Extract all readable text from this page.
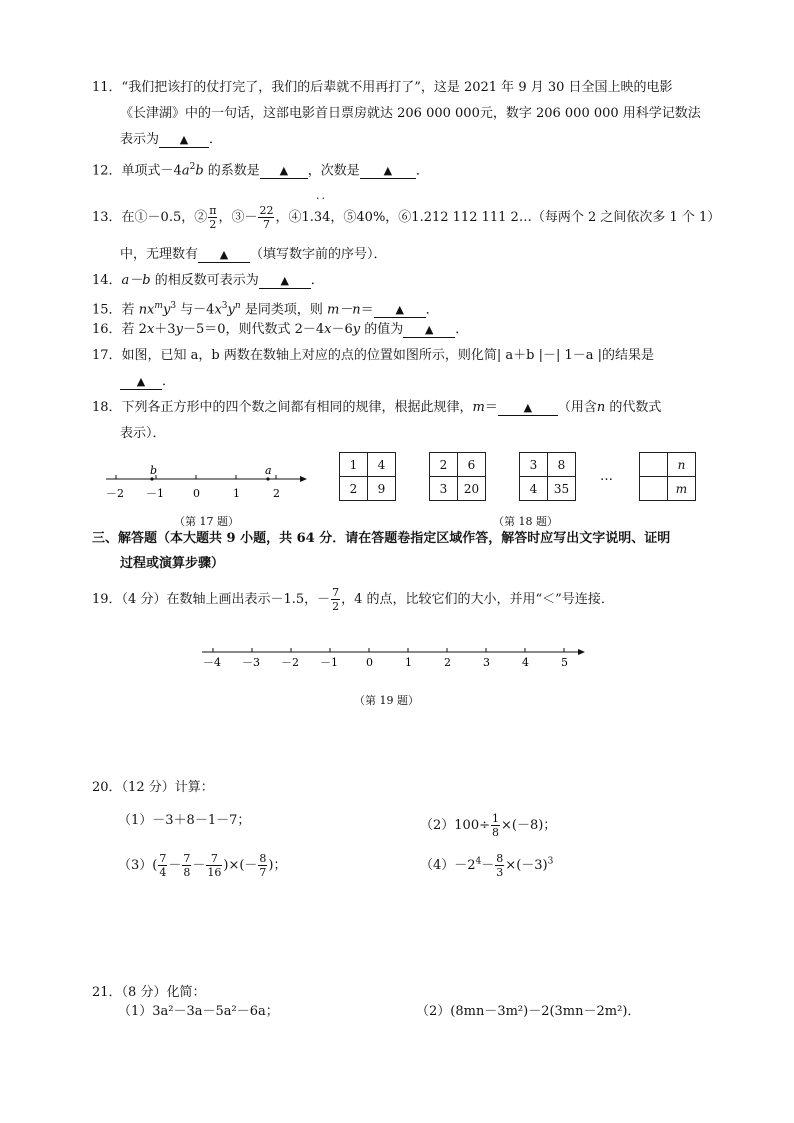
11．“我们把该打的仗打完了，我们的后辈就不用再打了”，这是 2021 年 9 月 30 日全国上映的电影
《长津湖》中的一句话，这部电影首日票房就达 206 000 000元，数字 206 000 000 用科学记数法
表示为 ▲ ．
12．单项式$-4a^2b$ 的系数是 ▲ ，次数是 ▲ ．
13．在①－0.5，② $\frac{\pi}{2}$ ，③－ $\frac{22}{7}$ ，④1.34，⑤40%，⑥1.212 112 111 2…（每两个 2 之间依次多 1 个 1）
··
中，无理数有 ▲ （填写数字前的序号）．
14．a－b 的相反数可表示为 ▲ ．
15．若 $nx^my^3$ 与$-4x^3y^n$ 是同类项，则 m－n＝ ▲ ．
16．若 2x＋3y－5＝0，则代数式 2－4x－6y 的值为 ▲ ．
17．如图，已知 a，b 两数在数轴上对应的点的位置如图所示，则化简| a＋b |－| 1－a |的结果是
▲ ．
18．下列各正方形中的四个数之间都有相同的规律，根据此规律，m＝ ▲ （用含n 的代数式
表示）．
b	a
－2 －1	0	1	2
（第 17 题）
1	4
2	9
2	6
3	20
3	8
4	35
…
	n
	m
（第 18 题）
三、解答题（本大题共 9 小题，共 64 分．请在答题卷指定区域作答，解答时应写出文字说明、证明
过程或演算步骤）
19．（4 分）在数轴上画出表示－1.5，－ $\frac{7}{2}$ ，4 的点，比较它们的大小，并用“＜”号连接．
－4 －3 －2 －1	0	1	2	3	4	5
（第 19 题）
20．（12 分）计算：
（1）－3＋8－1－7；	$(2)100\div \frac{1}{8} \times(-8)$；
$(3)( \frac{7}{4} - \frac{7}{8} - \frac{7}{16}$ )×(－ $\frac{8}{7}$ )；	$(4)-2^4- \frac{8}{3} \times(-3)^3$
21．（8 分）化简：
（1）3a²－3a－5a²－6a；	（2）(8mn－3m²)－2(3mn－2m²)．
